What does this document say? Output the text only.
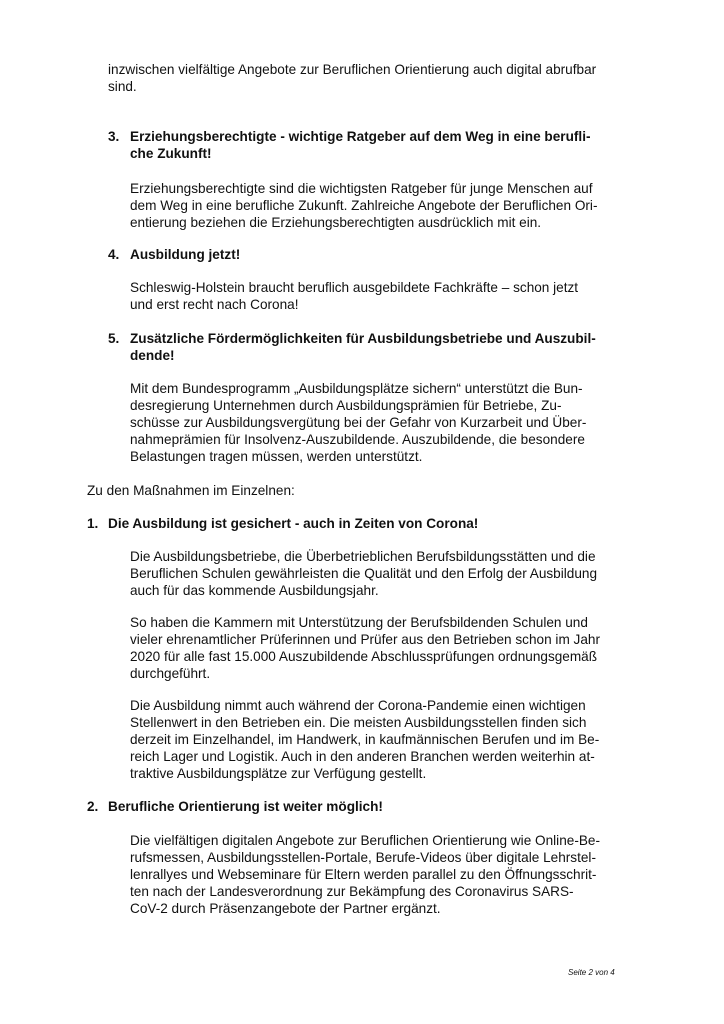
inzwischen vielfältige Angebote zur Beruflichen Orientierung auch digital abrufbar
sind.
3. Erziehungsberechtigte - wichtige Ratgeber auf dem Weg in eine berufli-
che Zukunft!
Erziehungsberechtigte sind die wichtigsten Ratgeber für junge Menschen auf
dem Weg in eine berufliche Zukunft. Zahlreiche Angebote der Beruflichen Ori-
entierung beziehen die Erziehungsberechtigten ausdrücklich mit ein.
4. Ausbildung jetzt!
Schleswig-Holstein braucht beruflich ausgebildete Fachkräfte – schon jetzt
und erst recht nach Corona!
5. Zusätzliche Fördermöglichkeiten für Ausbildungsbetriebe und Auszubil-
dende!
Mit dem Bundesprogramm „Ausbildungsplätze sichern“ unterstützt die Bun-
desregierung Unternehmen durch Ausbildungsprämien für Betriebe, Zu-
schüsse zur Ausbildungsvergütung bei der Gefahr von Kurzarbeit und Über-
nahmeprämien für Insolvenz-Auszubildende. Auszubildende, die besondere
Belastungen tragen müssen, werden unterstützt.
Zu den Maßnahmen im Einzelnen:
1. Die Ausbildung ist gesichert - auch in Zeiten von Corona!
Die Ausbildungsbetriebe, die Überbetrieblichen Berufsbildungsstätten und die
Beruflichen Schulen gewährleisten die Qualität und den Erfolg der Ausbildung
auch für das kommende Ausbildungsjahr.
So haben die Kammern mit Unterstützung der Berufsbildenden Schulen und
vieler ehrenamtlicher Prüferinnen und Prüfer aus den Betrieben schon im Jahr
2020 für alle fast 15.000 Auszubildende Abschlussprüfungen ordnungsgemäß
durchgeführt.
Die Ausbildung nimmt auch während der Corona-Pandemie einen wichtigen
Stellenwert in den Betrieben ein. Die meisten Ausbildungsstellen finden sich
derzeit im Einzelhandel, im Handwerk, in kaufmännischen Berufen und im Be-
reich Lager und Logistik. Auch in den anderen Branchen werden weiterhin at-
traktive Ausbildungsplätze zur Verfügung gestellt.
2. Berufliche Orientierung ist weiter möglich!
Die vielfältigen digitalen Angebote zur Beruflichen Orientierung wie Online-Be-
rufsmessen, Ausbildungsstellen-Portale, Berufe-Videos über digitale Lehrstel-
lenrallyes und Webseminare für Eltern werden parallel zu den Öffnungsschrit-
ten nach der Landesverordnung zur Bekämpfung des Coronavirus SARS-
CoV-2 durch Präsenzangebote der Partner ergänzt.
Seite 2 von 4
